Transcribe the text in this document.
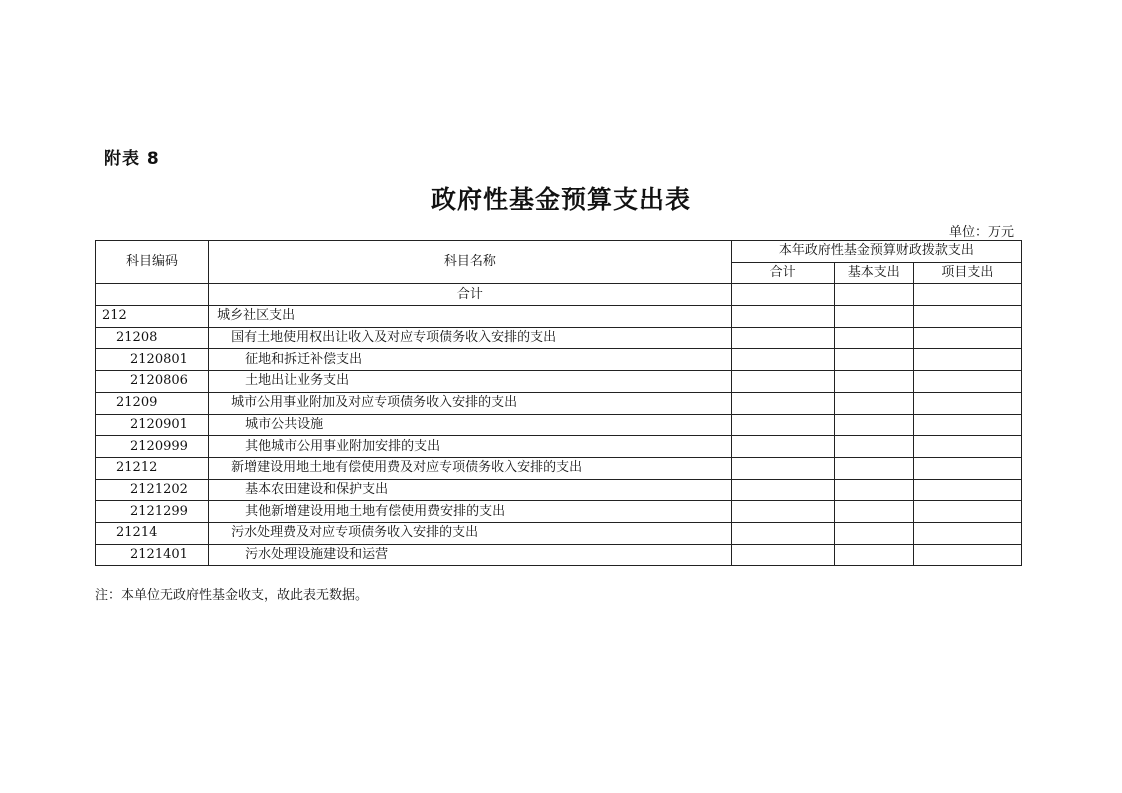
附表 8
政府性基金预算支出表
单位：万元
科目编码	科目名称	本年政府性基金预算财政拨款支出		
		合计	基本支出	项目支出
	合计			
212	城乡社区支出			
21208	国有土地使用权出让收入及对应专项债务收入安排的支出			
2120801	征地和拆迁补偿支出			
2120806	土地出让业务支出			
21209	城市公用事业附加及对应专项债务收入安排的支出			
2120901	城市公共设施			
2120999	其他城市公用事业附加安排的支出			
21212	新增建设用地土地有偿使用费及对应专项债务收入安排的支出			
2121202	基本农田建设和保护支出			
2121299	其他新增建设用地土地有偿使用费安排的支出			
21214	污水处理费及对应专项债务收入安排的支出			
2121401	污水处理设施建设和运营			
注：本单位无政府性基金收支，故此表无数据。
